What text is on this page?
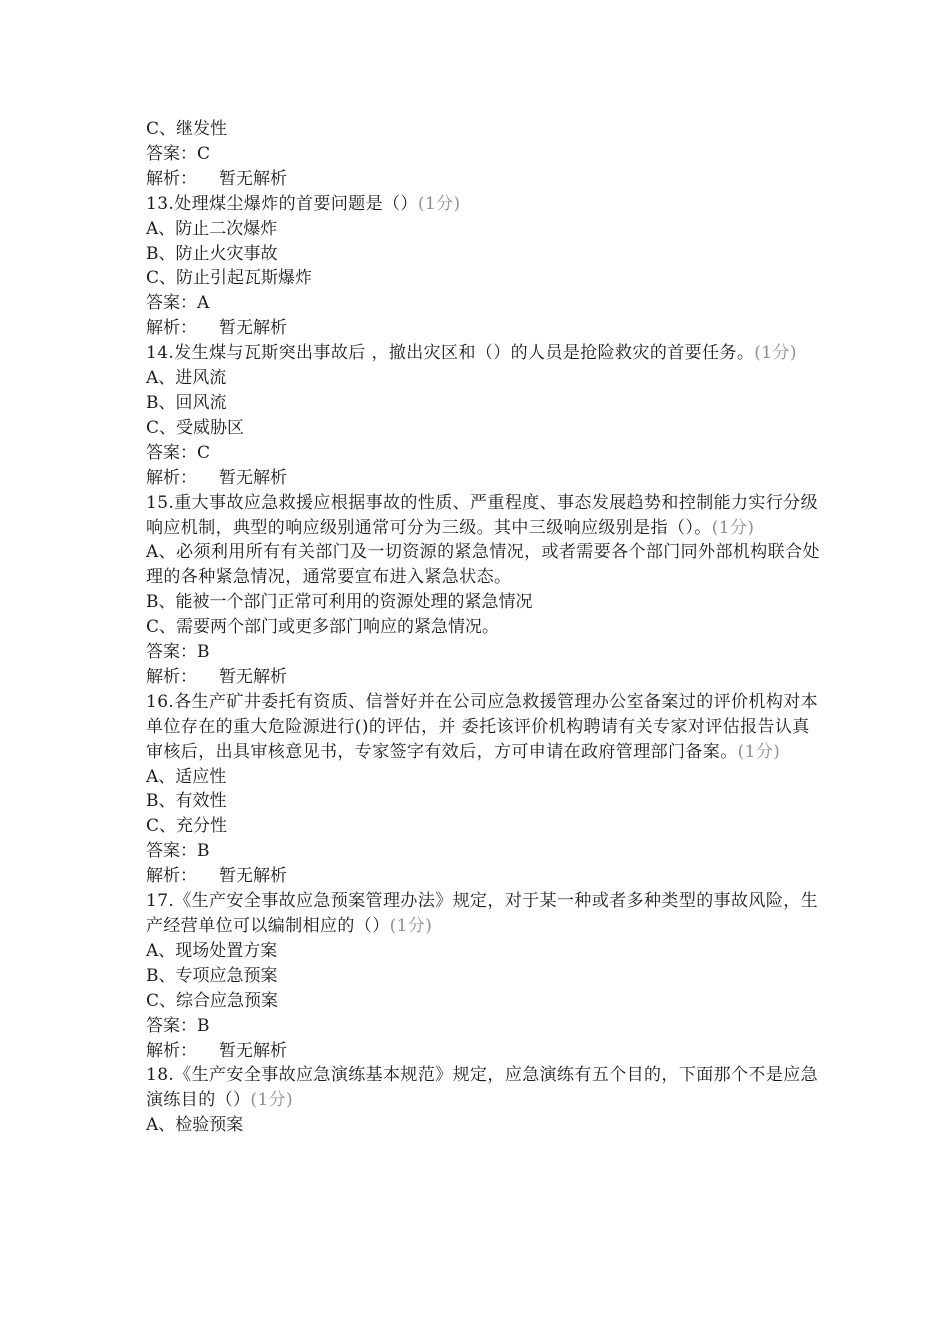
C、继发性
答案：C
解析： 暂无解析
13.处理煤尘爆炸的首要问题是（）(1分)
A、防止二次爆炸
B、防止火灾事故
C、防止引起瓦斯爆炸
答案：A
解析： 暂无解析
14.发生煤与瓦斯突出事故后 ，撤出灾区和（）的人员是抢险救灾的首要任务。(1分)
A、进风流
B、回风流
C、受威胁区
答案：C
解析： 暂无解析
15.重大事故应急救援应根据事故的性质、严重程度、事态发展趋势和控制能力实行分级响应机制，典型的响应级别通常可分为三级。其中三级响应级别是指（）。(1分)
A、必须利用所有有关部门及一切资源的紧急情况，或者需要各个部门同外部机构联合处理的各种紧急情况，通常要宣布进入紧急状态。
B、能被一个部门正常可利用的资源处理的紧急情况
C、需要两个部门或更多部门响应的紧急情况。
答案：B
解析： 暂无解析
16.各生产矿井委托有资质、信誉好并在公司应急救援管理办公室备案过的评价机构对本单位存在的重大危险源进行()的评估，并 委托该评价机构聘请有关专家对评估报告认真审核后，出具审核意见书，专家签字有效后，方可申请在政府管理部门备案。(1分)
A、适应性
B、有效性
C、充分性
答案：B
解析： 暂无解析
17.《生产安全事故应急预案管理办法》规定，对于某一种或者多种类型的事故风险，生产经营单位可以编制相应的（）(1分)
A、现场处置方案
B、专项应急预案
C、综合应急预案
答案：B
解析： 暂无解析
18.《生产安全事故应急演练基本规范》规定，应急演练有五个目的，下面那个不是应急演练目的（）(1分)
A、检验预案
